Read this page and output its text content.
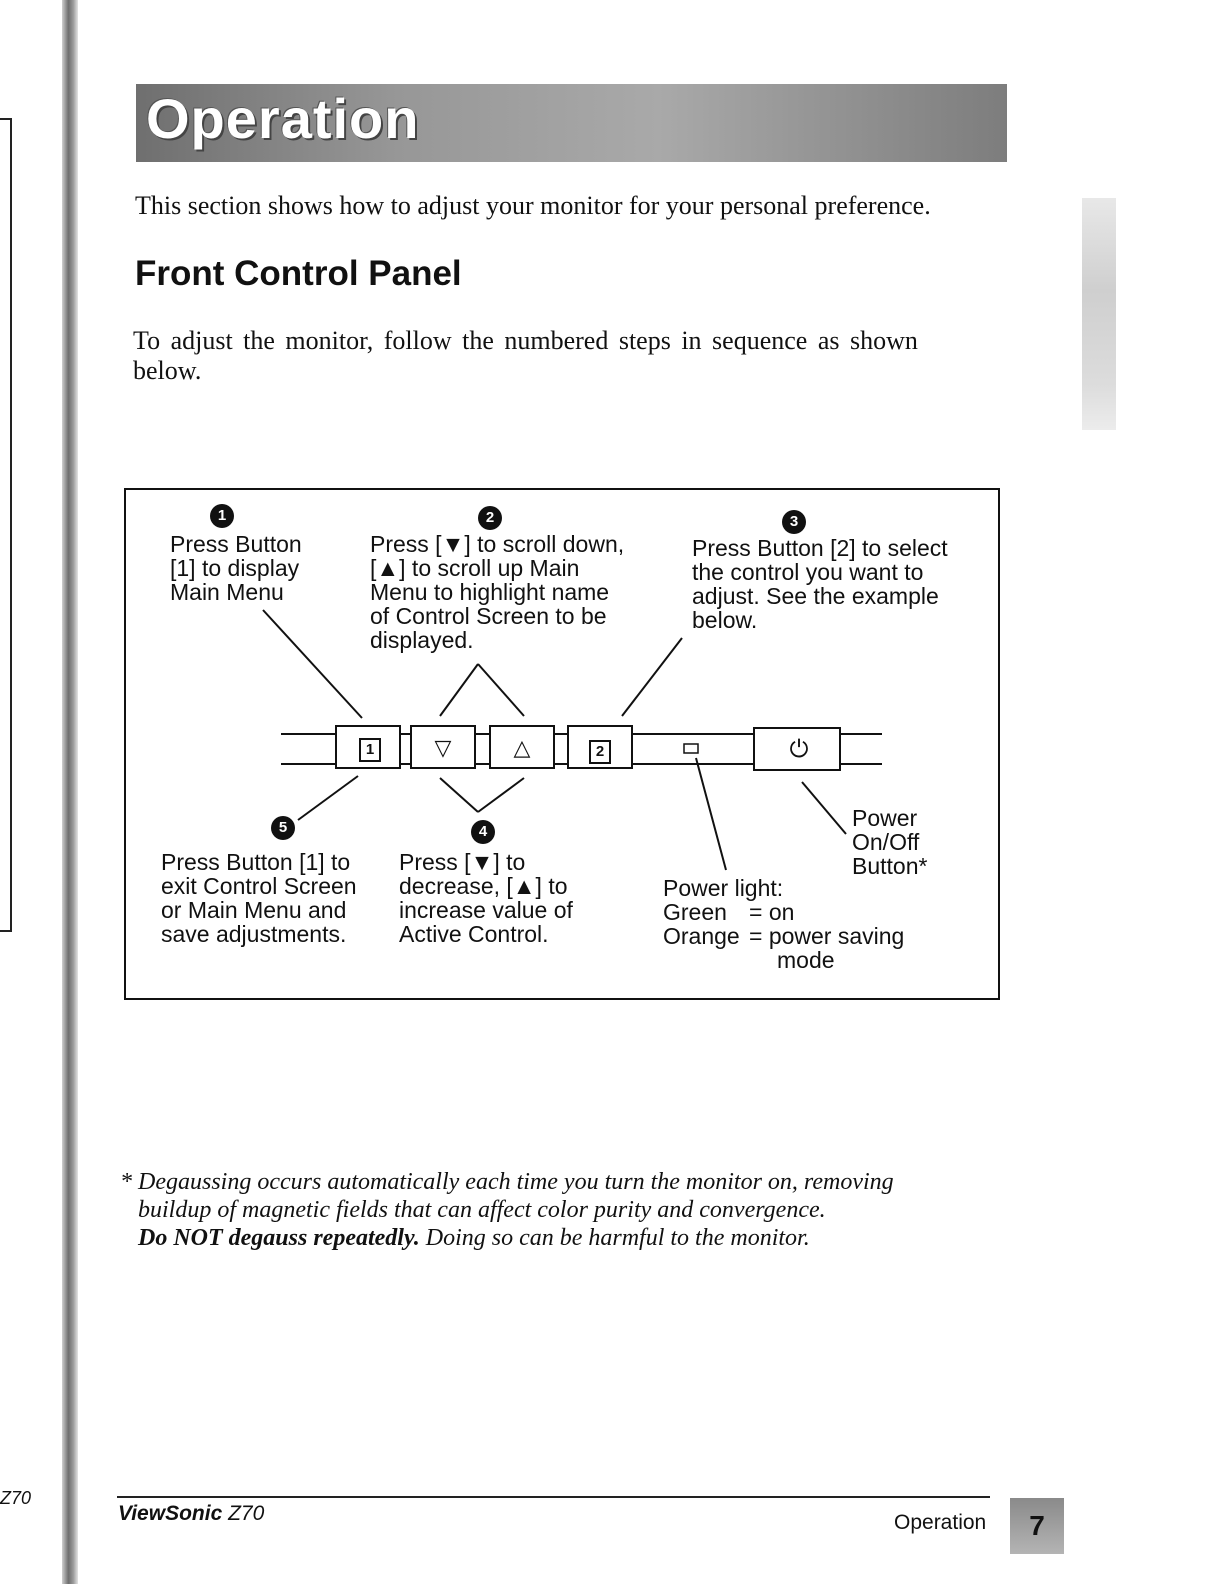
Operation
This section shows how to adjust your monitor for your personal preference.
Front Control Panel
To adjust the monitor, follow the numbered steps in sequence as shown below.
1	▽	△	2	⏻
1	2	3
4
5

Press Button

[1] to display

Main Menu

Press [▼] to scroll down,

[▲] to scroll up Main

Menu to highlight name

of Control Screen to be

displayed.

Press Button [2] to select

the control you want to

adjust. See the example

below.

Press [▼] to

decrease, [▲] to

increase value of

Active Control.

Press Button [1] to

exit Control Screen

or Main Menu and

save adjustments.

Power

On/Off

Button*

Power light:

Green = on

Orange = power saving

mode

* Degaussing occurs automatically each time you turn the monitor on, removing

buildup of magnetic fields that can affect color purity and convergence.

Do NOT degauss repeatedly. Doing so can be harmful to the monitor.

ViewSonic Z70	Operation	7
Z70
